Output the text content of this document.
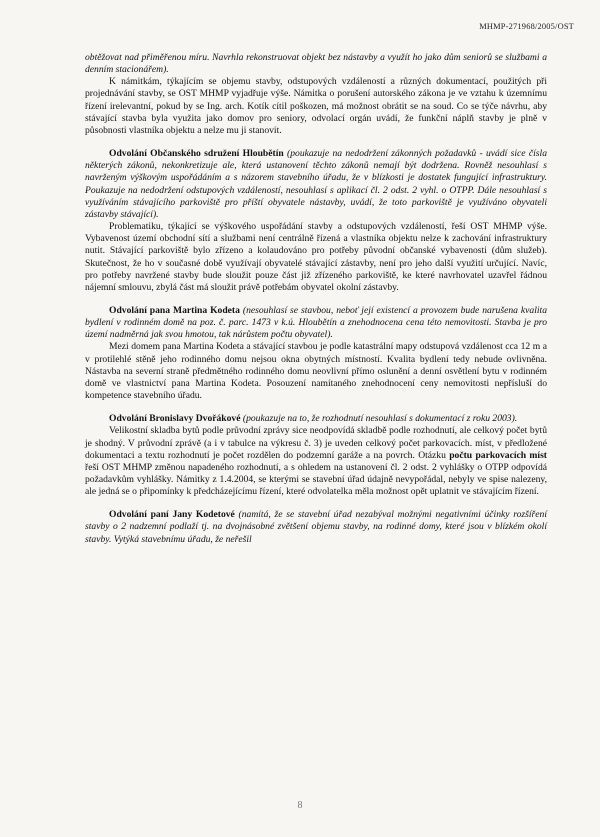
MHMP-271968/2005/OST

obtěžovat nad přiměřenou míru. Navrhla rekonstruovat objekt bez nástavby a využít ho jako dům seniorů se službami a denním stacionářem).

K námitkám, týkajícím se objemu stavby, odstupových vzdáleností a různých dokumentací, použitých při projednávání stavby, se OST MHMP vyjadřuje výše. Námitka o porušení autorského zákona je ve vztahu k územnímu řízení irelevantní, pokud by se Ing. arch. Kotík cítil poškozen, má možnost obrátit se na soud. Co se týče návrhu, aby stávající stavba byla využita jako domov pro seniory, odvolací orgán uvádí, že funkční náplň stavby je plně v působnosti vlastníka objektu a nelze mu ji stanovit.

Odvolání Občanského sdružení Hloubětín (poukazuje na nedodržení zákonných požadavků - uvádí sice čísla některých zákonů, nekonkretizuje ale, která ustanovení těchto zákonů nemají být dodržena. Rovněž nesouhlasí s navrženým výškovým uspořádáním a s názorem stavebního úřadu, že v blízkosti je dostatek fungující infrastruktury. Poukazuje na nedodržení odstupových vzdáleností, nesouhlasí s aplikací čl. 2 odst. 2 vyhl. o OTPP. Dále nesouhlasí s využíváním stávajícího parkoviště pro příští obyvatele nástavby, uvádí, že toto parkoviště je využíváno obyvateli zástavby stávající).

Problematiku, týkající se výškového uspořádání stavby a odstupových vzdáleností, řeší OST MHMP výše. Vybavenost území obchodní sítí a službami není centrálně řízená a vlastníka objektu nelze k zachování infrastruktury nutit. Stávající parkoviště bylo zřízeno a kolaudováno pro potřeby původní občanské vybavenosti (dům služeb). Skutečnost, že ho v současné době využívají obyvatelé stávající zástavby, není pro jeho další využití určující. Navíc, pro potřeby navržené stavby bude sloužit pouze část již zřízeného parkoviště, ke které navrhovatel uzavřel řádnou nájemní smlouvu, zbylá část má sloužit právě potřebám obyvatel okolní zástavby.

Odvolání pana Martina Kodeta (nesouhlasí se stavbou, neboť její existencí a provozem bude narušena kvalita bydlení v rodinném domě na poz. č. parc. 1473 v k.ú. Hloubětín a znehodnocena cena této nemovitosti. Stavba je pro území nadměrná jak svou hmotou, tak nárůstem počtu obyvatel).

Mezi domem pana Martina Kodeta a stávající stavbou je podle katastrální mapy odstupová vzdálenost cca 12 m a v protilehlé stěně jeho rodinného domu nejsou okna obytných místností. Kvalita bydlení tedy nebude ovlivněna. Nástavba na severní straně předmětného rodinného domu neovlivní přímo oslunění a denní osvětlení bytu v rodinném domě ve vlastnictví pana Martina Kodeta. Posouzení namítaného znehodnocení ceny nemovitosti nepřísluší do kompetence stavebního úřadu.

Odvolání Bronislavy Dvořákové (poukazuje na to, že rozhodnutí nesouhlasí s dokumentací z roku 2003).

Velikostní skladba bytů podle průvodní zprávy sice neodpovídá skladbě podle rozhodnutí, ale celkový počet bytů je shodný. V průvodní zprávě (a i v tabulce na výkresu č. 3) je uveden celkový počet parkovacích. míst, v předložené dokumentaci a textu rozhodnutí je počet rozdělen do podzemní garáže a na povrch. Otázku počtu parkovacích míst řeší OST MHMP změnou napadeného rozhodnutí, a s ohledem na ustanovení čl. 2 odst. 2 vyhlášky o OTPP odpovídá požadavkům vyhlášky. Námitky z 1.4.2004, se kterými se stavební úřad údajně nevypořádal, nebyly ve spise nalezeny, ale jedná se o připomínky k předcházejícímu řízení, které odvolatelka měla možnost opět uplatnit ve stávajícím řízení.

Odvolání paní Jany Kodetové (namítá, že se stavební úřad nezabýval možnými negativními účinky rozšíření stavby o 2 nadzemní podlaží tj. na dvojnásobné zvětšení objemu stavby, na rodinné domy, které jsou v blízkém okolí stavby. Vytýká stavebnímu úřadu, že neřešil

8
